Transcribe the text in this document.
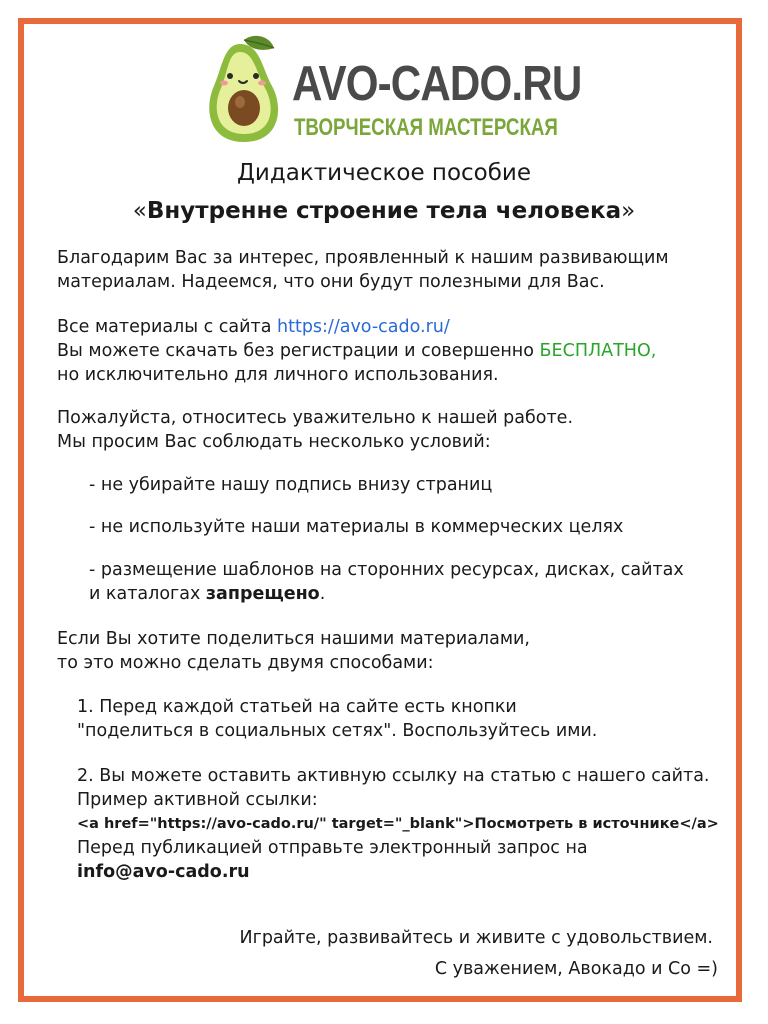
AVO-CADO.RU
ТВОРЧЕСКАЯ МАСТЕРСКАЯ
Дидактическое пособие
«Внутренне строение тела человека»
Благодарим Вас за интерес, проявленный к нашим развивающим
материалам. Надеемся, что они будут полезными для Вас.
Все материалы с сайта https://avo-cado.ru/
Вы можете скачать без регистрации и совершенно БЕСПЛАТНО,
но исключительно для личного использования.
Пожалуйста, относитесь уважительно к нашей работе.
Мы просим Вас соблюдать несколько условий:
- не убирайте нашу подпись внизу страниц
- не используйте наши материалы в коммерческих целях
- размещение шаблонов на сторонних ресурсах, дисках, сайтах
и каталогах запрещено.
Если Вы хотите поделиться нашими материалами,
то это можно сделать двумя способами:
1. Перед каждой статьей на сайте есть кнопки
"поделиться в социальных сетях". Воспользуйтесь ими.
2. Вы можете оставить активную ссылку на статью с нашего сайта.
Пример активной ссылки:
<a href="https://avo-cado.ru/" target="_blank">Посмотреть в источнике</a>
Перед публикацией отправьте электронный запрос на
info@avo-cado.ru
Играйте, развивайтесь и живите с удовольствием.
С уважением, Авокадо и Со =)
